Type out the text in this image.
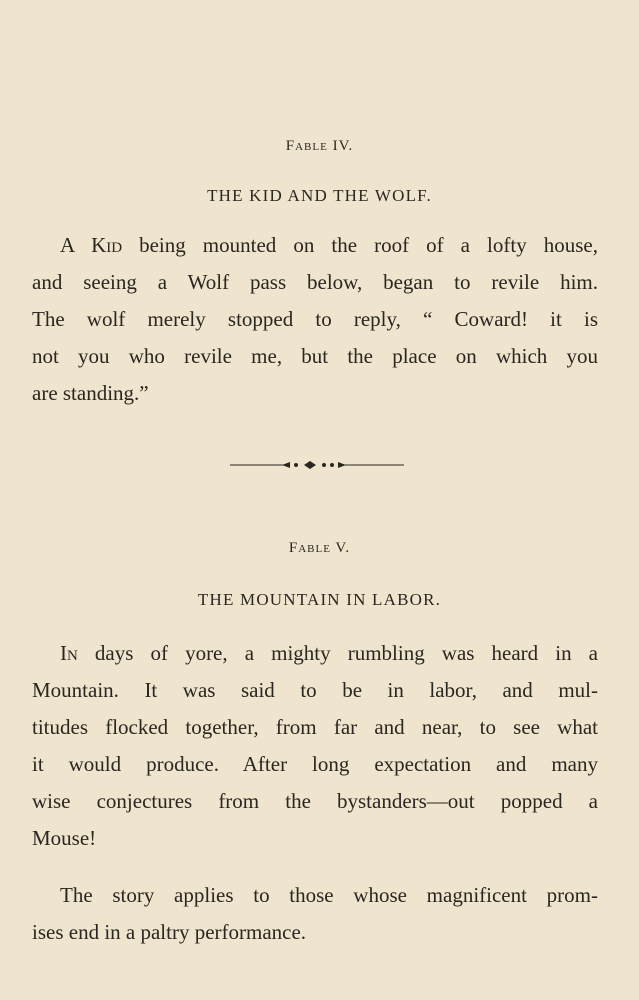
Fable IV.
THE KID AND THE WOLF.
A Kid being mounted on the roof of a lofty house,
and seeing a Wolf pass below, began to revile him.
The wolf merely stopped to reply, “ Coward! it is
not you who revile me, but the place on which you
are standing.”
Fable V.
THE MOUNTAIN IN LABOR.
In days of yore, a mighty rumbling was heard in a
Mountain. It was said to be in labor, and mul-
titudes flocked together, from far and near, to see what
it would produce. After long expectation and many
wise conjectures from the bystanders—out popped a
Mouse!
The story applies to those whose magnificent prom-
ises end in a paltry performance.
